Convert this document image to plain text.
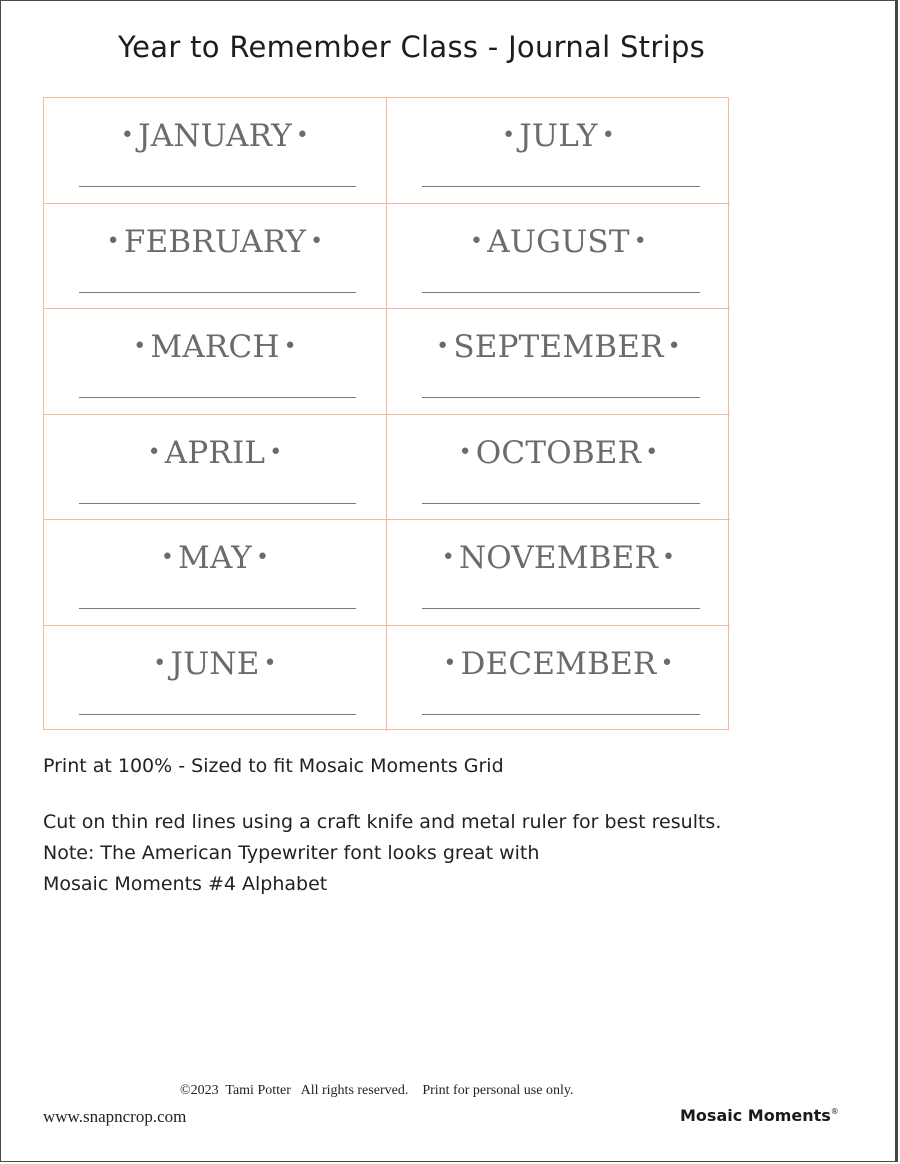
Year to Remember Class - Journal Strips
• JANUARY •	• JULY •
• FEBRUARY •	• AUGUST •
• MARCH •	• SEPTEMBER •
• APRIL •	• OCTOBER •
• MAY •	• NOVEMBER •
• JUNE •	• DECEMBER •
Print at 100% - Sized to fit Mosaic Moments Grid
Cut on thin red lines using a craft knife and metal ruler for best results.
Note: The American Typewriter font looks great with
Mosaic Moments #4 Alphabet
©2023  Tami Potter   All rights reserved.    Print for personal use only.
www.snapncrop.com	Mosaic Moments®
